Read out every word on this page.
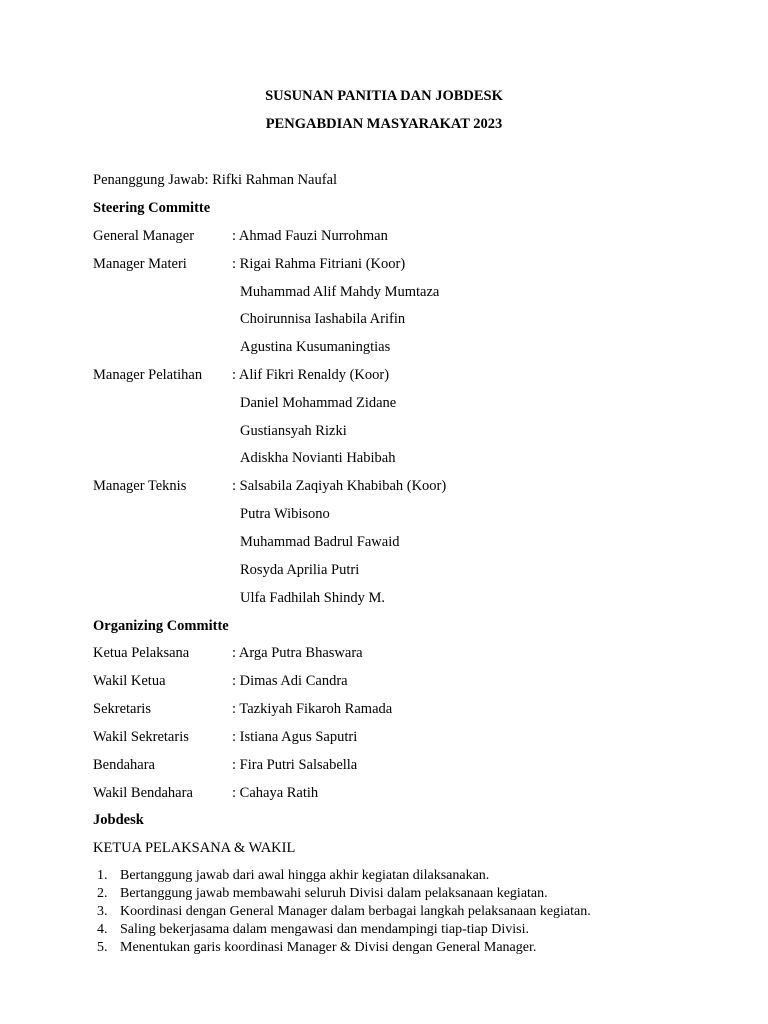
SUSUNAN PANITIA DAN JOBDESK
PENGABDIAN MASYARAKAT 2023
Penanggung Jawab: Rifki Rahman Naufal
Steering Committe
General Manager	: Ahmad Fauzi Nurrohman
Manager Materi	: Rigai Rahma Fitriani (Koor)
Muhammad Alif Mahdy Mumtaza
Choirunnisa Iashabila Arifin
Agustina Kusumaningtias
Manager Pelatihan : Alif Fikri Renaldy (Koor)
Daniel Mohammad Zidane
Gustiansyah Rizki
Adiskha Novianti Habibah
Manager Teknis	: Salsabila Zaqiyah Khabibah (Koor)
Putra Wibisono
Muhammad Badrul Fawaid
Rosyda Aprilia Putri
Ulfa Fadhilah Shindy M.
Organizing Committe
Ketua Pelaksana	: Arga Putra Bhaswara
Wakil Ketua	: Dimas Adi Candra
Sekretaris	: Tazkiyah Fikaroh Ramada
Wakil Sekretaris	: Istiana Agus Saputri
Bendahara	: Fira Putri Salsabella
Wakil Bendahara	: Cahaya Ratih
Jobdesk
KETUA PELAKSANA & WAKIL
1. Bertanggung jawab dari awal hingga akhir kegiatan dilaksanakan.
2. Bertanggung jawab membawahi seluruh Divisi dalam pelaksanaan kegiatan.
3. Koordinasi dengan General Manager dalam berbagai langkah pelaksanaan kegiatan.
4. Saling bekerjasama dalam mengawasi dan mendampingi tiap-tiap Divisi.
5. Menentukan garis koordinasi Manager & Divisi dengan General Manager.
